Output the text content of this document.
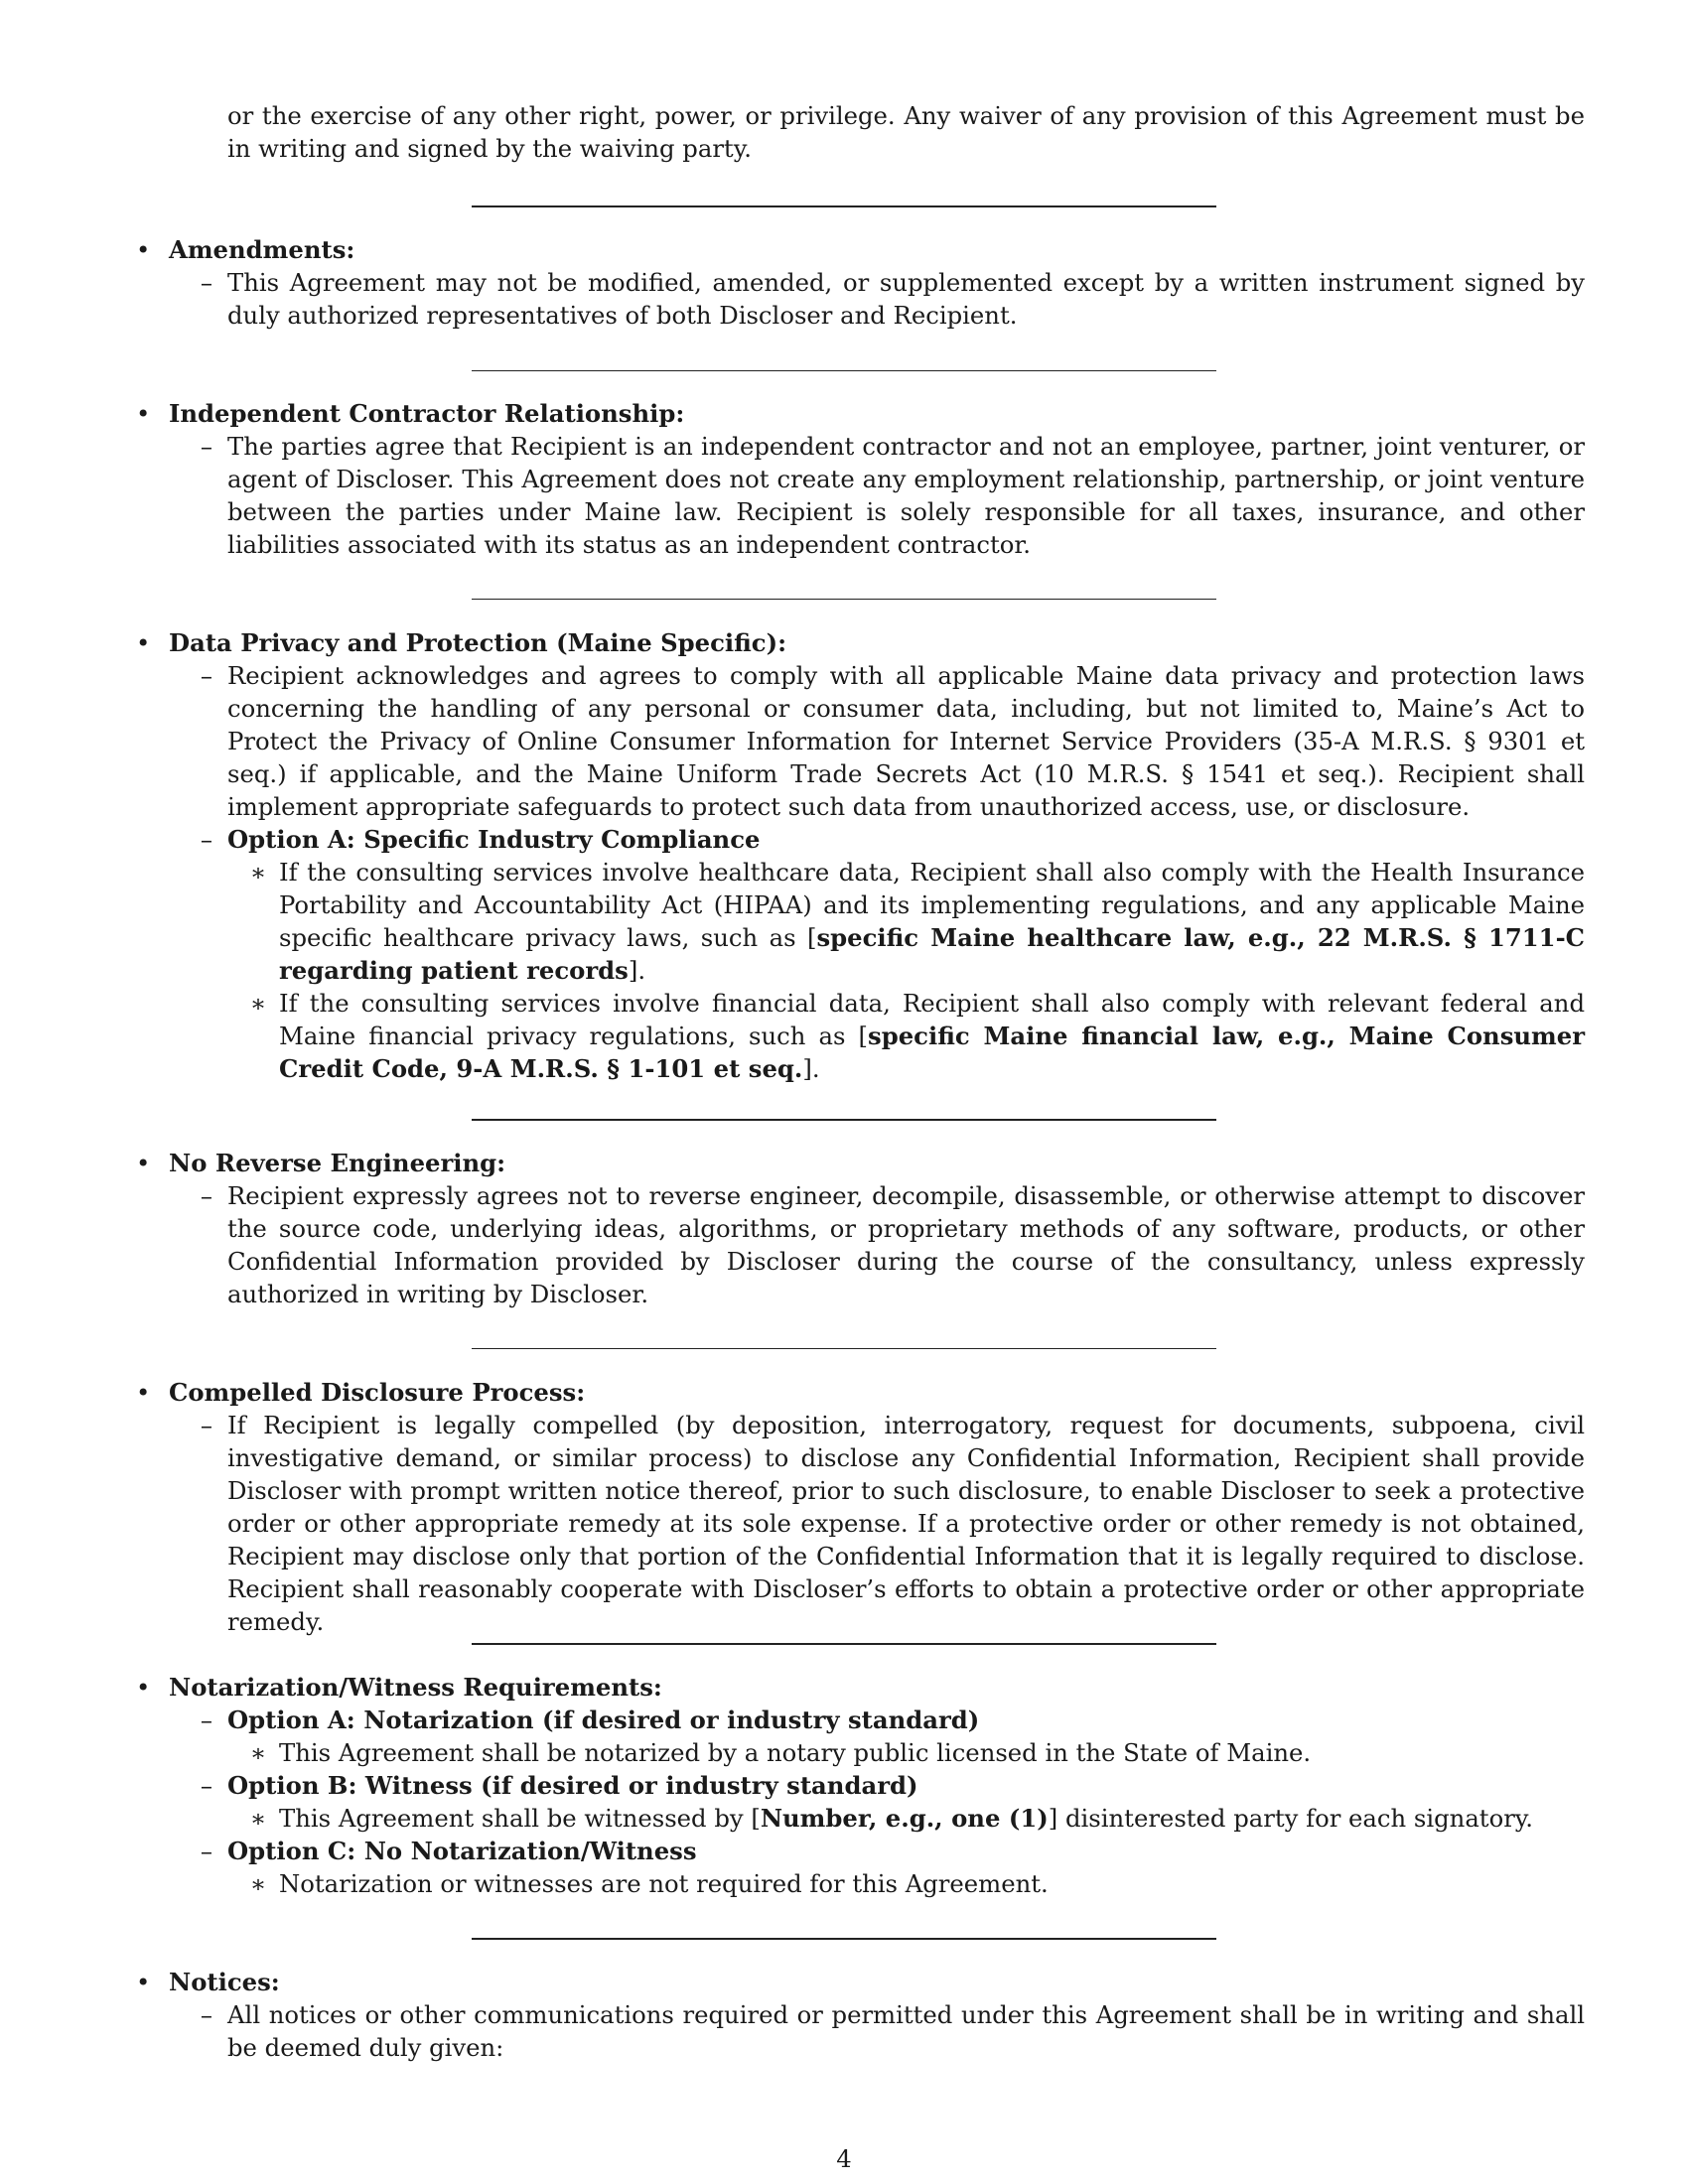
or the exercise of any other right, power, or privilege. Any waiver of any provision of this Agreement must be in writing and signed by the waiving party.
• Amendments:
– This Agreement may not be modified, amended, or supplemented except by a written instrument signed by duly authorized representatives of both Discloser and Recipient.
• Independent Contractor Relationship:
– The parties agree that Recipient is an independent contractor and not an employee, partner, joint venturer, or agent of Discloser. This Agreement does not create any employment relationship, partnership, or joint venture between the parties under Maine law. Recipient is solely responsible for all taxes, insurance, and other liabilities associated with its status as an independent contractor.
• Data Privacy and Protection (Maine Specific):
– Recipient acknowledges and agrees to comply with all applicable Maine data privacy and protection laws concerning the handling of any personal or consumer data, including, but not limited to, Maine’s Act to Protect the Privacy of Online Consumer Information for Internet Service Providers (35-A M.R.S. § 9301 et seq.) if applicable, and the Maine Uniform Trade Secrets Act (10 M.R.S. § 1541 et seq.). Recipient shall implement appropriate safeguards to protect such data from unauthorized access, use, or disclosure.
– Option A: Specific Industry Compliance
∗ If the consulting services involve healthcare data, Recipient shall also comply with the Health Insurance Portability and Accountability Act (HIPAA) and its implementing regulations, and any applicable Maine specific healthcare privacy laws, such as [specific Maine healthcare law, e.g., 22 M.R.S. § 1711-C regarding patient records].
∗ If the consulting services involve financial data, Recipient shall also comply with relevant federal and Maine financial privacy regulations, such as [specific Maine financial law, e.g., Maine Consumer Credit Code, 9-A M.R.S. § 1-101 et seq.].
• No Reverse Engineering:
– Recipient expressly agrees not to reverse engineer, decompile, disassemble, or otherwise attempt to discover the source code, underlying ideas, algorithms, or proprietary methods of any software, products, or other Confidential Information provided by Discloser during the course of the consultancy, unless expressly authorized in writing by Discloser.
• Compelled Disclosure Process:
– If Recipient is legally compelled (by deposition, interrogatory, request for documents, subpoena, civil investigative demand, or similar process) to disclose any Confidential Information, Recipient shall provide Discloser with prompt written notice thereof, prior to such disclosure, to enable Discloser to seek a protective order or other appropriate remedy at its sole expense. If a protective order or other remedy is not obtained, Recipient may disclose only that portion of the Confidential Information that it is legally required to disclose. Recipient shall reasonably cooperate with Discloser’s efforts to obtain a protective order or other appropriate remedy.
• Notarization/Witness Requirements:
– Option A: Notarization (if desired or industry standard)
∗ This Agreement shall be notarized by a notary public licensed in the State of Maine.
– Option B: Witness (if desired or industry standard)
∗ This Agreement shall be witnessed by [Number, e.g., one (1)] disinterested party for each signatory.
– Option C: No Notarization/Witness
∗ Notarization or witnesses are not required for this Agreement.
• Notices:
– All notices or other communications required or permitted under this Agreement shall be in writing and shall be deemed duly given:
4
